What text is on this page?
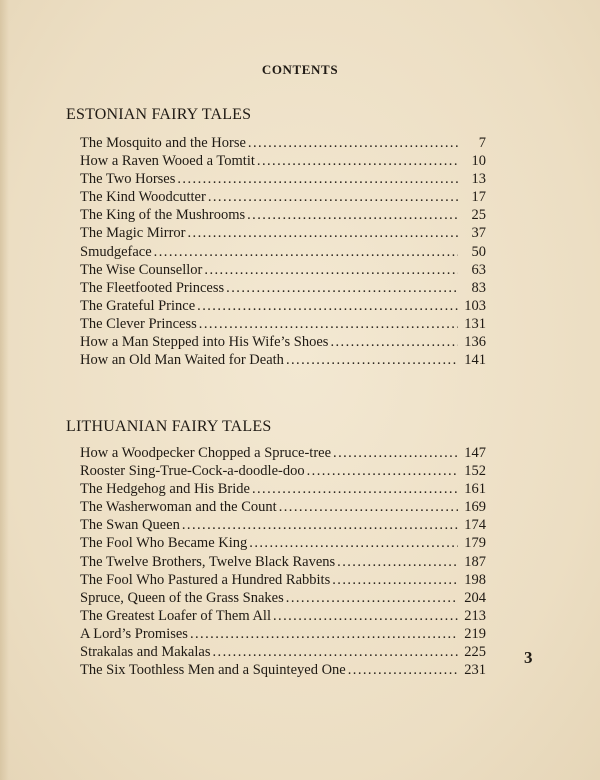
CONTENTS
ESTONIAN FAIRY TALES
The Mosquito and the Horse . . .	7
How a Raven Wooed a Tomtit . . .	10
The Two Horses . . .	13
The Kind Woodcutter . . .	17
The King of the Mushrooms . . .	25
The Magic Mirror . . .	37
Smudgeface . . .	50
The Wise Counsellor . . .	63
The Fleetfooted Princess . . .	83
The Grateful Prince . . .	103
The Clever Princess . . .	131
How a Man Stepped into His Wife’s Shoes . . .	136
How an Old Man Waited for Death . . .	141
LITHUANIAN FAIRY TALES
How a Woodpecker Chopped a Spruce-tree . . .	147
Rooster Sing-True-Cock-a-doodle-doo . . .	152
The Hedgehog and His Bride . . .	161
The Washerwoman and the Count . . .	169
The Swan Queen . . .	174
The Fool Who Became King . . .	179
The Twelve Brothers, Twelve Black Ravens . . .	187
The Fool Who Pastured a Hundred Rabbits . . .	198
Spruce, Queen of the Grass Snakes . . .	204
The Greatest Loafer of Them All . . .	213
A Lord’s Promises . . .	219
Strakalas and Makalas . . .	225
The Six Toothless Men and a Squinteyed One . . .	231
3
